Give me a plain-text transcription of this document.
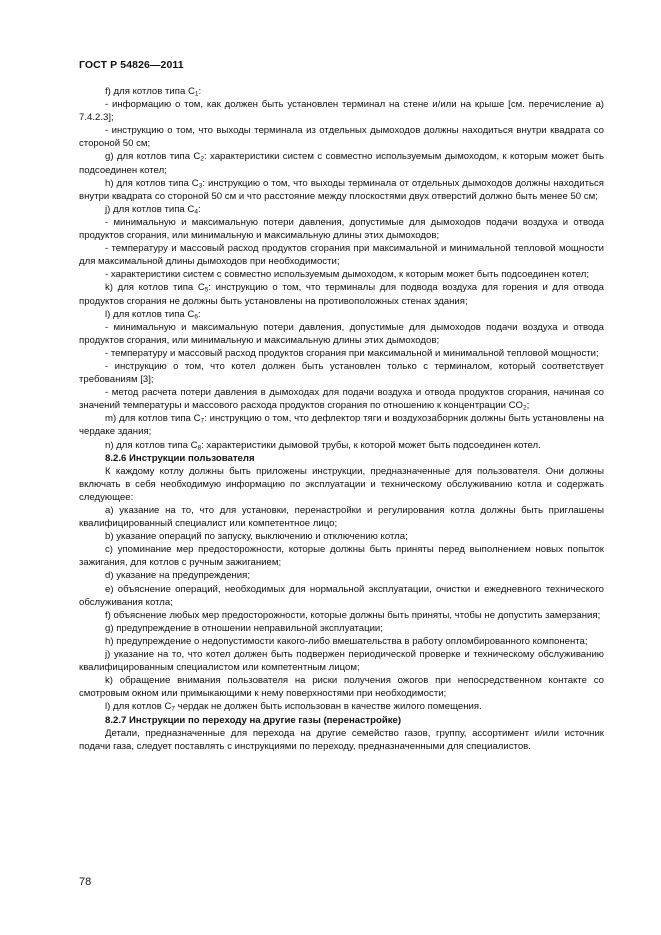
ГОСТ Р 54826—2011

f) для котлов типа $C_1$:

- информацию о том, как должен быть установлен терминал на стене и/или на крыше [см. перечисление а) 7.4.2.3];

- инструкцию о том, что выходы терминала из отдельных дымоходов должны находиться внутри квадрата со стороной 50 см;

g) для котлов типа $C_2$: характеристики систем с совместно используемым дымоходом, к которым может быть подсоединен котел;

h) для котлов типа $C_3$: инструкцию о том, что выходы терминала от отдельных дымоходов должны находиться внутри квадрата со стороной 50 см и что расстояние между плоскостями двух отверстий должно быть менее 50 см;

j) для котлов типа $C_4$:

- минимальную и максимальную потери давления, допустимые для дымоходов подачи воздуха и отвода продуктов сгорания, или минимальную и максимальную длины этих дымоходов;

- температуру и массовый расход продуктов сгорания при максимальной и минимальной тепловой мощности для максимальной длины дымоходов при необходимости;

- характеристики систем с совместно используемым дымоходом, к которым может быть подсоединен котел;

k) для котлов типа $C_5$: инструкцию о том, что терминалы для подвода воздуха для горения и для отвода продуктов сгорания не должны быть установлены на противоположных стенах здания;

l) для котлов типа $C_6$:

- минимальную и максимальную потери давления, допустимые для дымоходов подачи воздуха и отвода продуктов сгорания, или минимальную и максимальную длины этих дымоходов;

- температуру и массовый расход продуктов сгорания при максимальной и минимальной тепловой мощности;

- инструкцию о том, что котел должен быть установлен только с терминалом, который соответствует требованиям [3];

- метод расчета потери давления в дымоходах для подачи воздуха и отвода продуктов сгорания, начиная со значений температуры и массового расхода продуктов сгорания по отношению к концентрации $CO_2$;

m) для котлов типа $C_7$: инструкцию о том, что дефлектор тяги и воздухозаборник должны быть установлены на чердаке здания;

n) для котлов типа $C_8$: характеристики дымовой трубы, к которой может быть подсоединен котел.

8.2.6 Инструкции пользователя

К каждому котлу должны быть приложены инструкции, предназначенные для пользователя. Они должны включать в себя необходимую информацию по эксплуатации и техническому обслуживанию котла и содержать следующее:

a) указание на то, что для установки, перенастройки и регулирования котла должны быть приглашены квалифицированный специалист или компетентное лицо;

b) указание операций по запуску, выключению и отключению котла;

c) упоминание мер предосторожности, которые должны быть приняты перед выполнением новых попыток зажигания, для котлов с ручным зажиганием;

d) указание на предупреждения;

e) объяснение операций, необходимых для нормальной эксплуатации, очистки и ежедневного технического обслуживания котла;

f) объяснение любых мер предосторожности, которые должны быть приняты, чтобы не допустить замерзания;

g) предупреждение в отношении неправильной эксплуатации;

h) предупреждение о недопустимости какого-либо вмешательства в работу опломбированного компонента;

j) указание на то, что котел должен быть подвержен периодической проверке и техническому обслуживанию квалифицированным специалистом или компетентным лицом;

k) обращение внимания пользователя на риски получения ожогов при непосредственном контакте со смотровым окном или примыкающими к нему поверхностями при необходимости;

l) для котлов $C_7$ чердак не должен быть использован в качестве жилого помещения.

8.2.7 Инструкции по переходу на другие газы (перенастройке)

Детали, предназначенные для перехода на другие семейство газов, группу, ассортимент и/или источник подачи газа, следует поставлять с инструкциями по переходу, предназначенными для специалистов.

78
